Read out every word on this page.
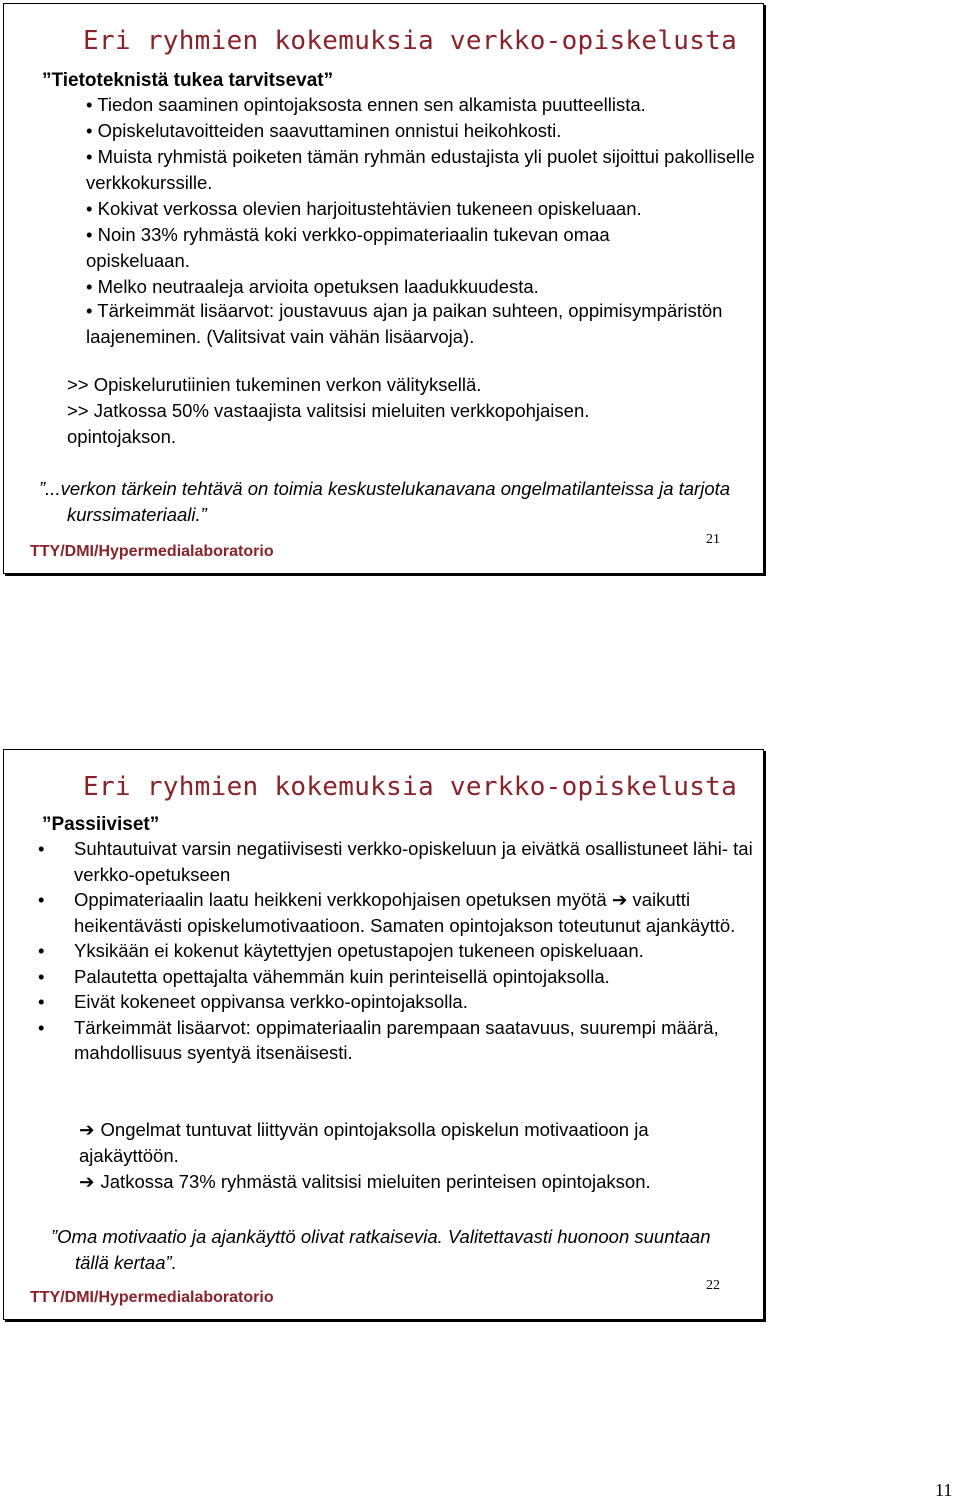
Eri ryhmien kokemuksia verkko-opiskelusta
”Tietoteknistä tukea tarvitsevat”

• Tiedon saaminen opintojaksosta ennen sen alkamista puutteellista.

• Opiskelutavoitteiden saavuttaminen onnistui heikohkosti.

• Muista ryhmistä poiketen tämän ryhmän edustajista yli puolet sijoittui pakolliselle verkkokurssille.

• Kokivat verkossa olevien harjoitustehtävien tukeneen opiskeluaan.

• Noin 33% ryhmästä koki verkko-oppimateriaalin tukevan omaa opiskeluaan.

• Melko neutraaleja arvioita opetuksen laadukkuudesta.

• Tärkeimmät lisäarvot: joustavuus ajan ja paikan suhteen, oppimisympäristön laajeneminen. (Valitsivat vain vähän lisäarvoja).

>> Opiskelurutiinien tukeminen verkon välityksellä.

>> Jatkossa 50% vastaajista valitsisi mieluiten verkkopohjaisen. opintojakson.

”...verkon tärkein tehtävä on toimia keskustelukanavana ongelmatilanteissa ja tarjota kurssimateriaali.”

TTY/DMI/Hypermedialaboratorio
21
Eri ryhmien kokemuksia verkko-opiskelusta
”Passiiviset”
• Suhtautuivat varsin negatiivisesti verkko-opiskeluun ja eivätkä osallistuneet lähi- tai verkko-opetukseen
• Oppimateriaalin laatu heikkeni verkkopohjaisen opetuksen myötä ➔ vaikutti heikentävästi opiskelumotivaatioon. Samaten opintojakson toteutunut ajankäyttö.
• Yksikään ei kokenut käytettyjen opetustapojen tukeneen opiskeluaan.
• Palautetta opettajalta vähemmän kuin perinteisellä opintojaksolla.
• Eivät kokeneet oppivansa verkko-opintojaksolla.
• Tärkeimmät lisäarvot: oppimateriaalin parempaan saatavuus, suurempi määrä, mahdollisuus syentyä itsenäisesti.

➔ Ongelmat tuntuvat liittyvän opintojaksolla opiskelun motivaatioon ja ajakäyttöön.

➔ Jatkossa 73% ryhmästä valitsisi mieluiten perinteisen opintojakson.

”Oma motivaatio ja ajankäyttö olivat ratkaisevia. Valitettavasti huonoon suuntaan tällä kertaa”.

TTY/DMI/Hypermedialaboratorio
22
11
